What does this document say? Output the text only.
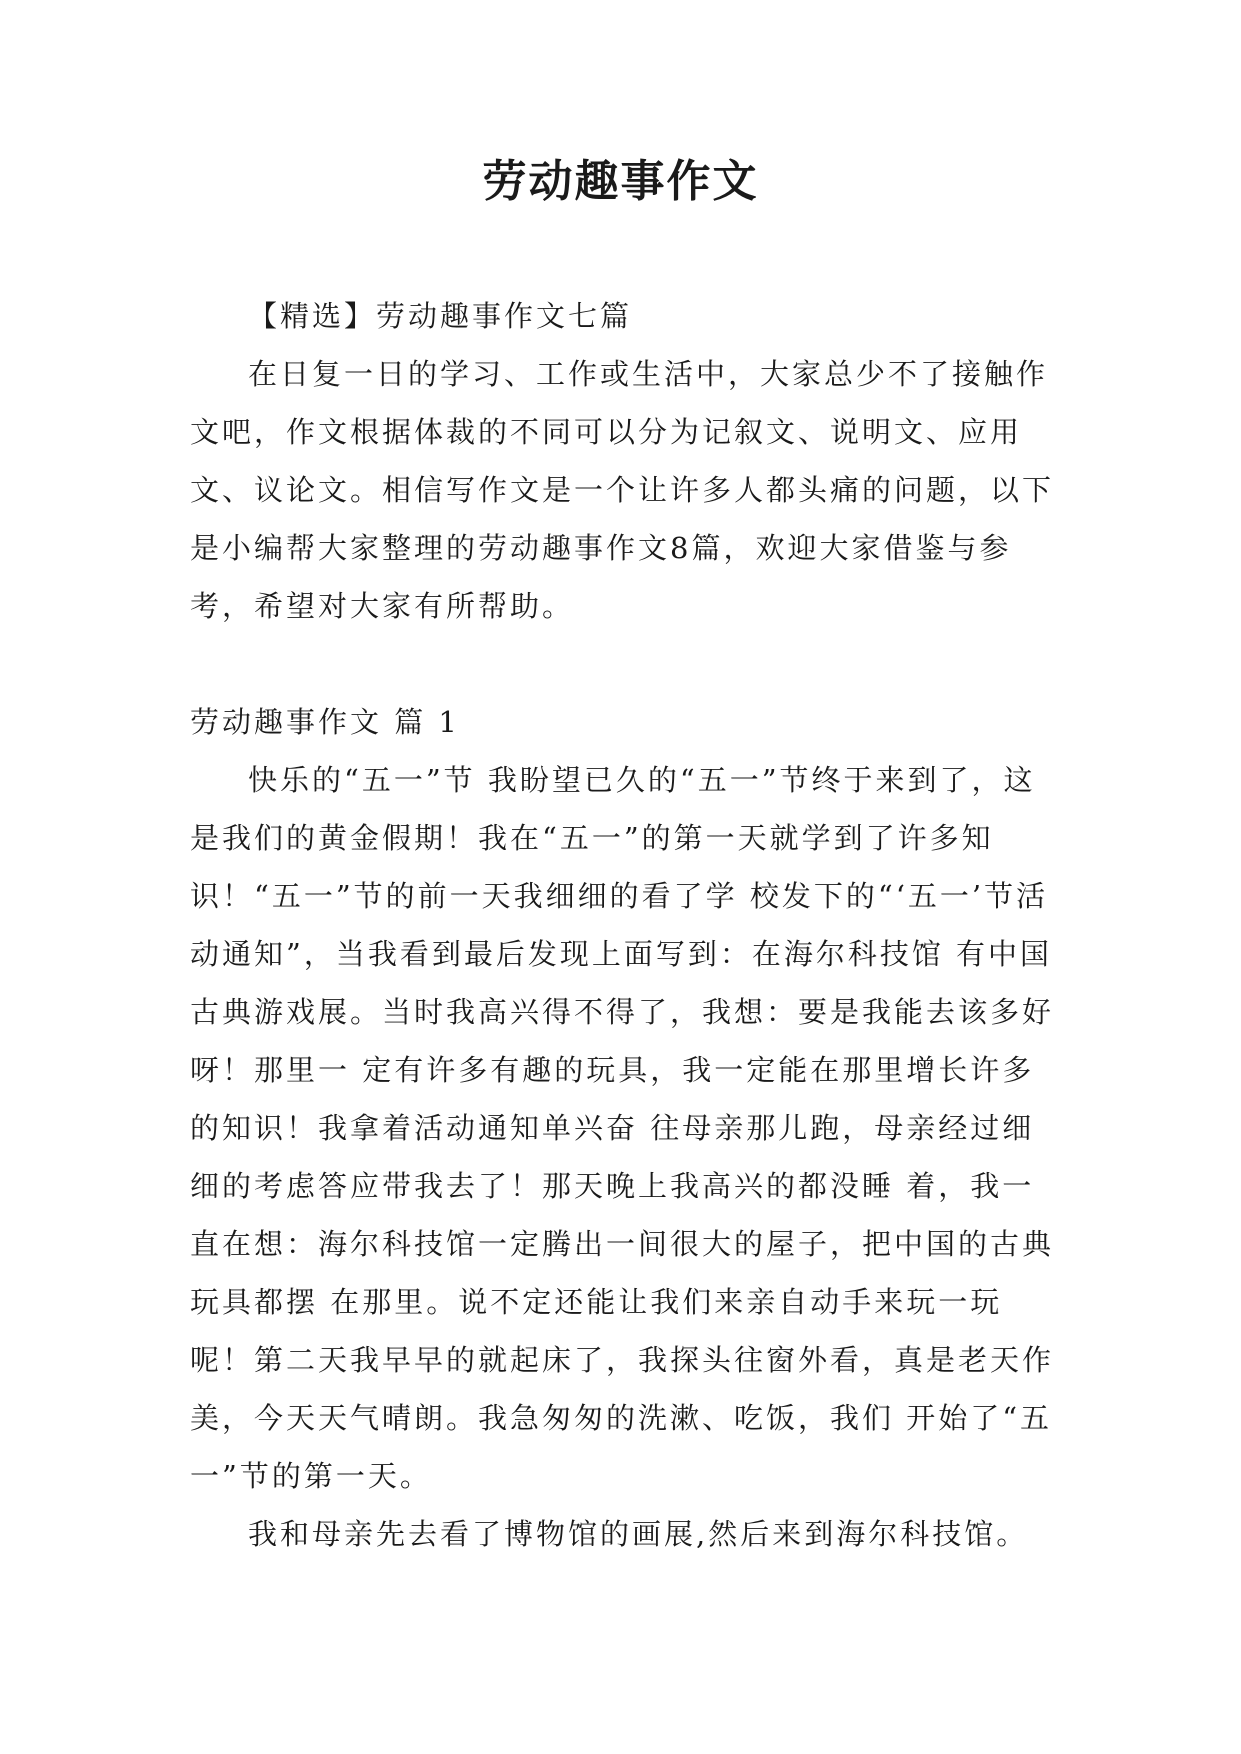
劳动趣事作文

【精选】劳动趣事作文七篇

在日复一日的学习、工作或生活中，大家总少不了接触作文吧，作文根据体裁的不同可以分为记叙文、说明文、应用文、议论文。相信写作文是一个让许多人都头痛的问题，以下是小编帮大家整理的劳动趣事作文8篇，欢迎大家借鉴与参考，希望对大家有所帮助。

劳动趣事作文 篇 1

快乐的“五一”节 我盼望已久的“五一”节终于来到了，这是我们的黄金假期！我在“五一”的第一天就学到了许多知识！“五一”节的前一天我细细的看了学 校发下的“‘五一’节活动通知”，当我看到最后发现上面写到：在海尔科技馆 有中国古典游戏展。当时我高兴得不得了，我想：要是我能去该多好呀！那里一 定有许多有趣的玩具，我一定能在那里增长许多的知识！我拿着活动通知单兴奋 往母亲那儿跑，母亲经过细细的考虑答应带我去了！那天晚上我高兴的都没睡 着，我一直在想：海尔科技馆一定腾出一间很大的屋子，把中国的古典玩具都摆 在那里。说不定还能让我们来亲自动手来玩一玩呢！第二天我早早的就起床了，我探头往窗外看，真是老天作美，今天天气晴朗。我急匆匆的洗漱、吃饭，我们 开始了“五一”节的第一天。

我和母亲先去看了博物馆的画展,然后来到海尔科技馆。
